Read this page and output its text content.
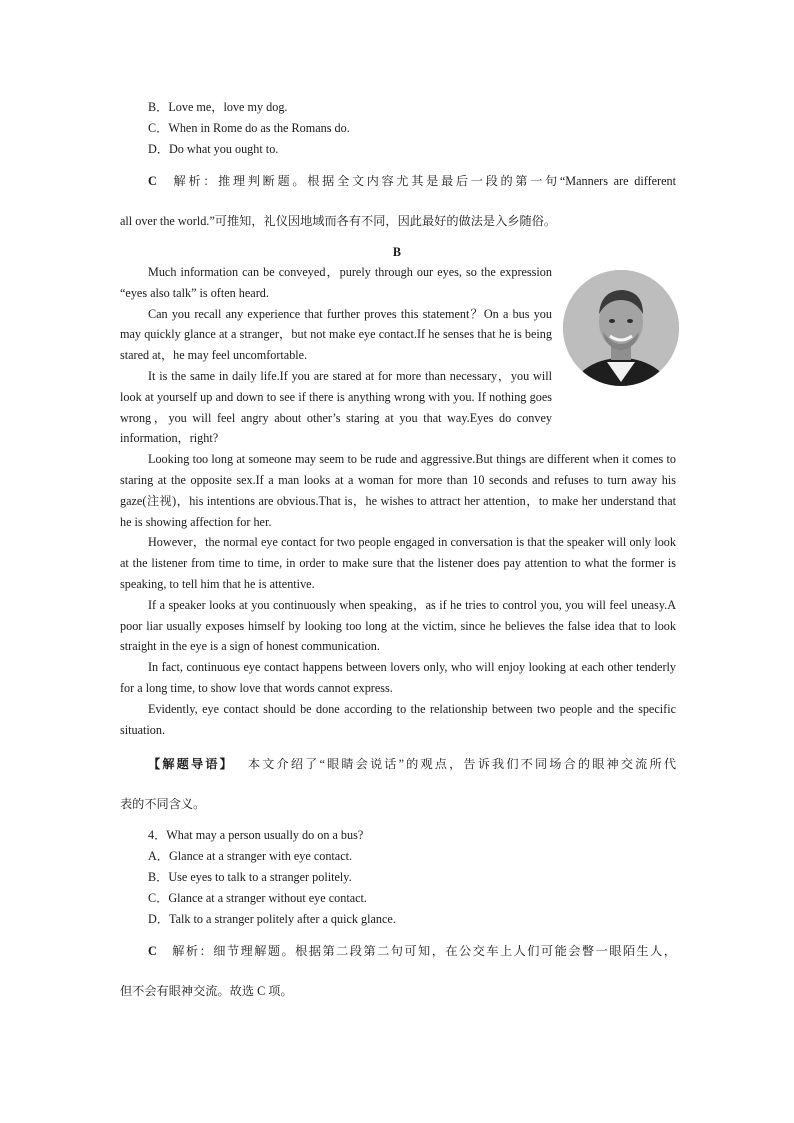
B．Love me，love my dog.
C．When in Rome do as the Romans do.
D．Do what you ought to.
C 解析：推理判断题。根据全文内容尤其是最后一段的第一句“Manners are different
all over the world.”可推知，礼仪因地域而各有不同，因此最好的做法是入乡随俗。
B

Much information can be conveyed，purely through our eyes, so the expression “eyes also talk” is often heard.

Can you recall any experience that further proves this statement？On a bus you may quickly glance at a stranger，but not make eye contact.If he senses that he is being stared at，he may feel uncomfortable.

It is the same in daily life.If you are stared at for more than necessary，you will look at yourself up and down to see if there is anything wrong with you. If nothing goes wrong，you will feel angry about other’s staring at you that way.Eyes do convey information，right?

Looking too long at someone may seem to be rude and aggressive.But things are different when it comes to staring at the opposite sex.If a man looks at a woman for more than 10 seconds and refuses to turn away his gaze(注视)，his intentions are obvious.That is，he wishes to attract her attention，to make her understand that he is showing affection for her.

However，the normal eye contact for two people engaged in conversation is that the speaker will only look at the listener from time to time, in order to make sure that the listener does pay attention to what the former is speaking, to tell him that he is attentive.

If a speaker looks at you continuously when speaking，as if he tries to control you, you will feel uneasy.A poor liar usually exposes himself by looking too long at the victim, since he believes the false idea that to look straight in the eye is a sign of honest communication.

In fact, continuous eye contact happens between lovers only, who will enjoy looking at each other tenderly for a long time, to show love that words cannot express.

Evidently, eye contact should be done according to the relationship between two people and the specific situation.

【解题导语】 本文介绍了“眼睛会说话”的观点，告诉我们不同场合的眼神交流所代
表的不同含义。
4．What may a person usually do on a bus?
A．Glance at a stranger with eye contact.
B．Use eyes to talk to a stranger politely.
C．Glance at a stranger without eye contact.
D．Talk to a stranger politely after a quick glance.
C 解析：细节理解题。根据第二段第二句可知，在公交车上人们可能会瞥一眼陌生人，
但不会有眼神交流。故选 C 项。
